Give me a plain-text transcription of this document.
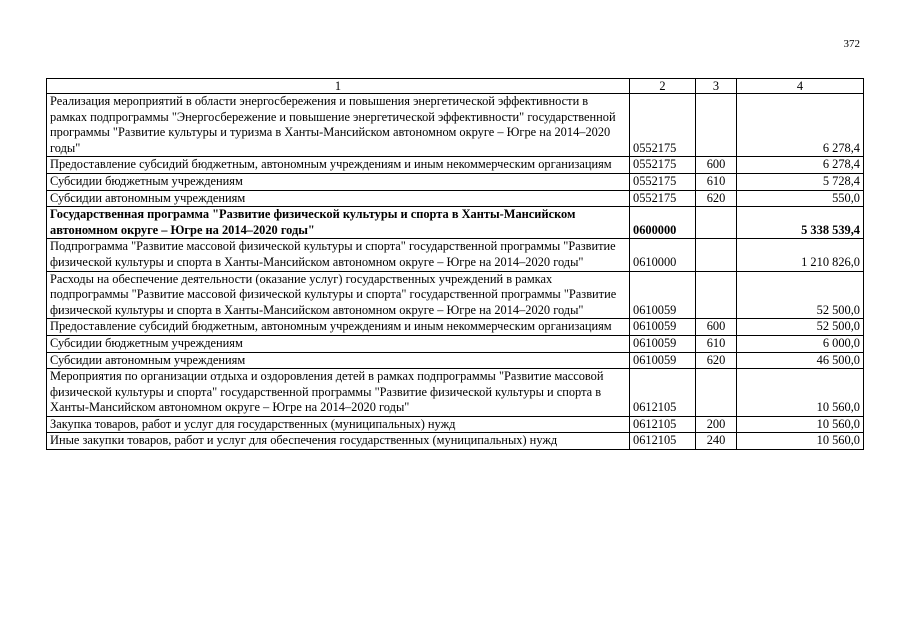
372
1	2	3	4
Реализация мероприятий в области энергосбережения и повышения энергетической эффективности в рамках подпрограммы "Энергосбережение и повышение энергетической эффективности" государственной программы "Развитие культуры и туризма в Ханты-Мансийском автономном округе – Югре на 2014–2020 годы"	0552175		6 278,4
Предоставление субсидий бюджетным, автономным учреждениям и иным некоммерческим организациям	0552175	600	6 278,4
Субсидии бюджетным учреждениям	0552175	610	5 728,4
Субсидии автономным учреждениям	0552175	620	550,0
Государственная программа "Развитие физической культуры и спорта в Ханты-Мансийском автономном округе – Югре на 2014–2020 годы"	0600000		5 338 539,4
Подпрограмма "Развитие массовой физической культуры и спорта" государственной программы "Развитие физической культуры и спорта в Ханты-Мансийском автономном округе – Югре на 2014–2020 годы"	0610000		1 210 826,0
Расходы на обеспечение деятельности (оказание услуг) государственных учреждений в рамках подпрограммы "Развитие массовой физической культуры и спорта" государственной программы "Развитие физической культуры и спорта в Ханты-Мансийском автономном округе – Югре на 2014–2020 годы"	0610059		52 500,0
Предоставление субсидий бюджетным, автономным учреждениям и иным некоммерческим организациям	0610059	600	52 500,0
Субсидии бюджетным учреждениям	0610059	610	6 000,0
Субсидии автономным учреждениям	0610059	620	46 500,0
Мероприятия по организации отдыха и оздоровления детей в рамках подпрограммы "Развитие массовой физической культуры и спорта" государственной программы "Развитие физической культуры и спорта в Ханты-Мансийском автономном округе – Югре на 2014–2020 годы"	0612105		10 560,0
Закупка товаров, работ и услуг для государственных (муниципальных) нужд	0612105	200	10 560,0
Иные закупки товаров, работ и услуг для обеспечения государственных (муниципальных) нужд	0612105	240	10 560,0
